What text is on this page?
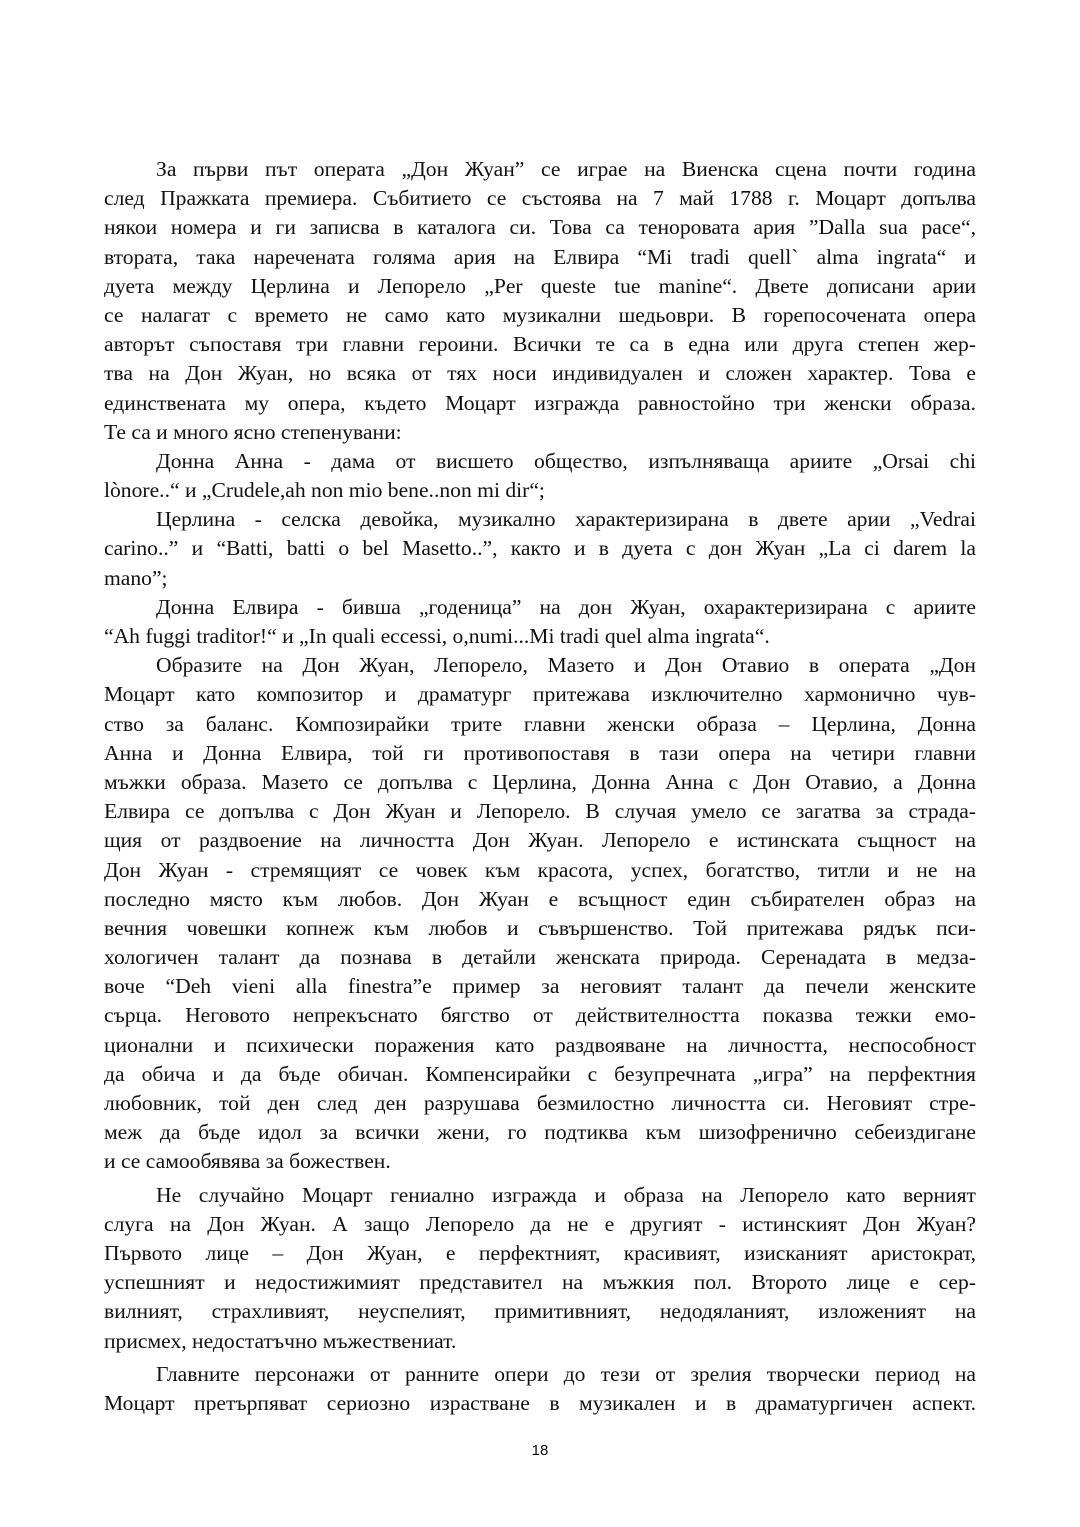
За първи път операта „Дон Жуан” се играе на Виенска сцена почти година
след Пражката премиера. Събитието се състоява на 7 май 1788 г. Моцарт допълва
някои номера и ги записва в каталога си. Това са теноровата ария ”Dalla sua pace“,
втората, така наречената голяма ария на Елвира “Mi tradi quell` alma ingrata“ и
дуета между Церлина и Лепорело „Per queste tue manine“. Двете дописани арии
се налагат с времето не само като музикални шедьоври. В горепосочената опера
авторът съпоставя три главни героини. Всички те са в една или друга степен жер-
тва на Дон Жуан, но всяка от тях носи индивидуален и сложен характер. Това е
единствената му опера, където Моцарт изгражда равностойно три женски образа.
Те са и много ясно степенувани:
Донна Анна - дама от висшето общество, изпълняваща ариите „Orsai chi
lònore..“ и „Crudele,ah non mio bene..non mi dir“;
Церлина - селска девойка, музикално характеризирана в двете арии „Vedrai
carino..” и “Batti, batti o bel Masetto..”, както и в дуета с дон Жуан „La ci darem la
mano”;
Донна Елвира - бивша „годеница” на дон Жуан, охарактеризирана с ариите
“Ah fuggi traditor!“ и „In quali eccessi, o,numi...Mi tradi quel alma ingrata“.
Образите на Дон Жуан, Лепорело, Мазето и Дон Отавио в операта „Дон
Моцарт като композитор и драматург притежава изключително хармонично чув-
ство за баланс. Композирайки трите главни женски образа – Церлина, Донна
Анна и Донна Елвира, той ги противопоставя в тази опера на четири главни
мъжки образа. Мазето се допълва с Церлина, Донна Анна с Дон Отавио, а Донна
Елвира се допълва с Дон Жуан и Лепорело. В случая умело се загатва за страда-
щия от раздвоение на личността Дон Жуан. Лепорело е истинската същност на
Дон Жуан - стремящият се човек към красота, успех, богатство, титли и не на
последно място към любов. Дон Жуан е всъщност един събирателен образ на
вечния човешки копнеж към любов и съвършенство. Той притежава рядък пси-
хологичен талант да познава в детайли женската природа. Серенадата в медза-
воче “Deh vieni alla finestra”е пример за неговият талант да печели женските
сърца. Неговото непрекъснато бягство от действителността показва тежки емо-
ционални и психически поражения като раздвояване на личността, неспособност
да обича и да бъде обичан. Компенсирайки с безупречната „игра” на перфектния
любовник, той ден след ден разрушава безмилостно личността си. Неговият стре-
меж да бъде идол за всички жени, го подтиква към шизофренично себеиздигане
и се самообявява за божествен.
Не случайно Моцарт гениално изгражда и образа на Лепорело като верният
слуга на Дон Жуан. А защо Лепорело да не е другият - истинският Дон Жуан?
Първото лице – Дон Жуан, е перфектният, красивият, изисканият аристократ,
успешният и недостижимият представител на мъжкия пол. Второто лице е сер-
вилният, страхливият, неуспелият, примитивният, недодяланият, изложеният на
присмех, недостатъчно мъжествениат.
Главните персонажи от ранните опери до тези от зрелия творчески период на
Моцарт претърпяват сериозно израстване в музикален и в драматургичен аспект.
18
